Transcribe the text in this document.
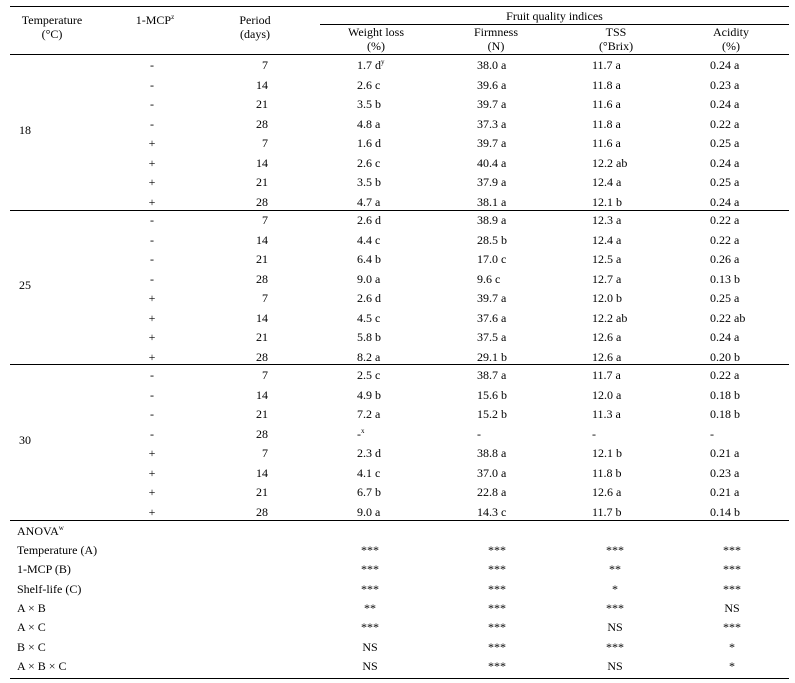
Temperature
(°C)
1-MCP$^z$	Period
(days)
Fruit quality indices
Weight loss
(%)
Firmness
(N)
TSS
(°Brix)
Acidity
(%)
18
-	7	1.7 $d^y$	38.0 a	11.7 a	0.24 a
-	14	2.6 c	39.6 a	11.8 a	0.23 a
-	21	3.5 b	39.7 a	11.6 a	0.24 a
-	28	4.8 a	37.3 a	11.8 a	0.22 a
+	7	1.6 d	39.7 a	11.6 a	0.25 a
+	14	2.6 c	40.4 a	12.2 ab	0.24 a
+	21	3.5 b	37.9 a	12.4 a	0.25 a
+	28	4.7 a	38.1 a	12.1 b	0.24 a
25
-	7	2.6 d	38.9 a	12.3 a	0.22 a
-	14	4.4 c	28.5 b	12.4 a	0.22 a
-	21	6.4 b	17.0 c	12.5 a	0.26 a
-	28	9.0 a	9.6 c	12.7 a	0.13 b
+	7	2.6 d	39.7 a	12.0 b	0.25 a
+	14	4.5 c	37.6 a	12.2 ab	0.22 ab
+	21	5.8 b	37.5 a	12.6 a	0.24 a
+	28	8.2 a	29.1 b	12.6 a	0.20 b
30
-	7	2.5 c	38.7 a	11.7 a	0.22 a
-	14	4.9 b	15.6 b	12.0 a	0.18 b
-	21	7.2 a	15.2 b	11.3 a	0.18 b
-	28	-$^x$	-	-	-
+	7	2.3 d	38.8 a	12.1 b	0.21 a
+	14	4.1 c	37.0 a	11.8 b	0.23 a
+	21	6.7 b	22.8 a	12.6 a	0.21 a
+	28	9.0 a	14.3 c	11.7 b	0.14 b
ANOVA$^w$
Temperature (A)	***	***	***	***
1-MCP (B)	***	***	**	***
Shelf-life (C)	***	***	*	***
A × B	**	***	***	NS
A × C	***	***	NS	***
B × C	NS	***	***	*
A × B × C	NS	***	NS	*
